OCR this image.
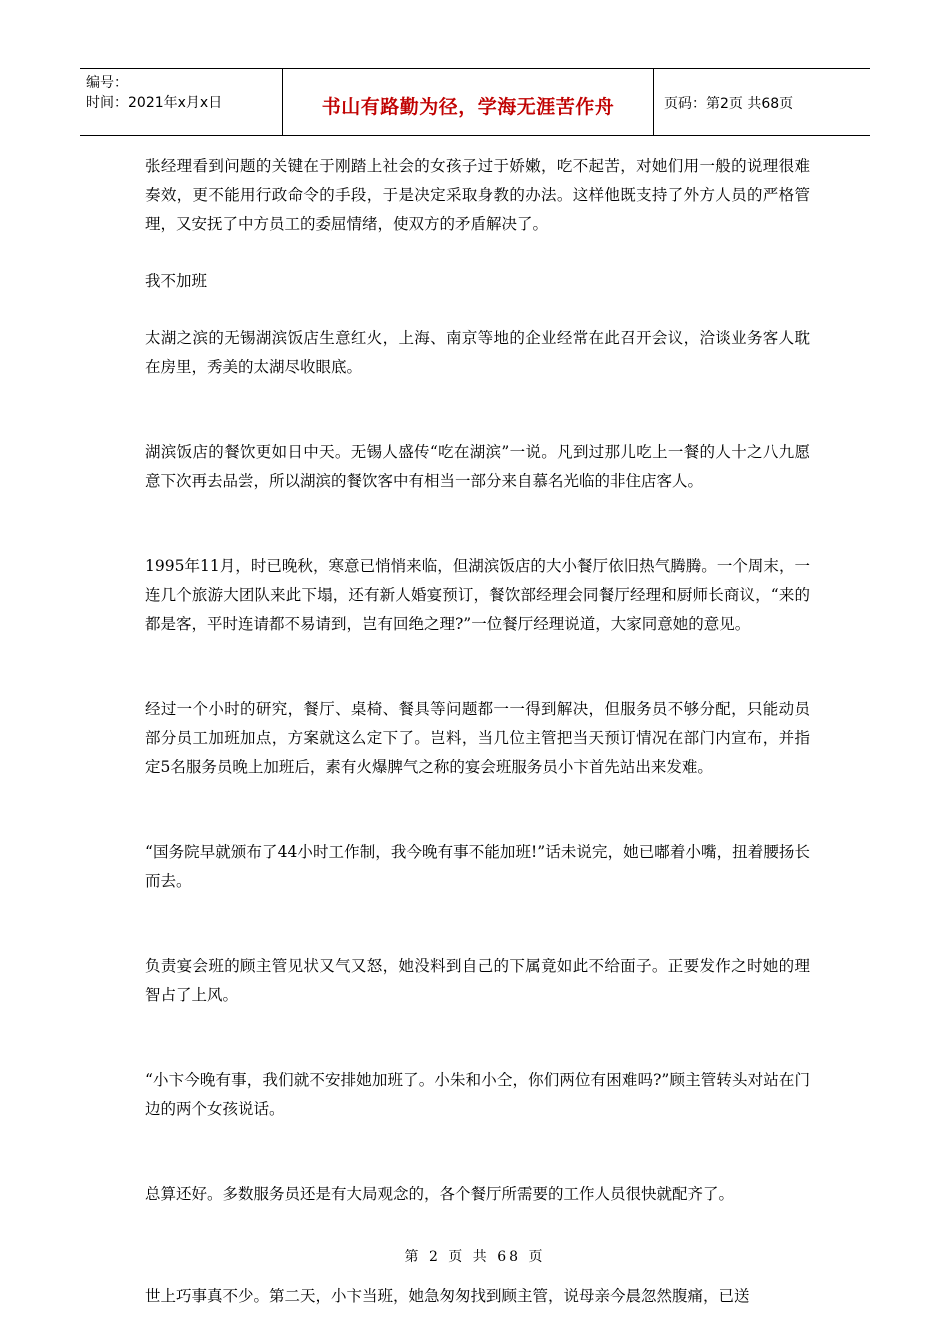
编号：
时间：2021年x月x日	书山有路勤为径，学海无涯苦作舟	页码：第2页 共68页

张经理看到问题的关键在于刚踏上社会的女孩子过于娇嫩，吃不起苦，对她们用一般的说理很难奏效，更不能用行政命令的手段，于是决定采取身教的办法。这样他既支持了外方人员的严格管理，又安抚了中方员工的委屈情绪，使双方的矛盾解决了。

我不加班

太湖之滨的无锡湖滨饭店生意红火，上海、南京等地的企业经常在此召开会议，洽谈业务客人耽在房里，秀美的太湖尽收眼底。

湖滨饭店的餐饮更如日中天。无锡人盛传“吃在湖滨”一说。凡到过那儿吃上一餐的人十之八九愿意下次再去品尝，所以湖滨的餐饮客中有相当一部分来自慕名光临的非住店客人。

1995年11月，时已晚秋，寒意已悄悄来临，但湖滨饭店的大小餐厅依旧热气腾腾。一个周末，一连几个旅游大团队来此下塌，还有新人婚宴预订，餐饮部经理会同餐厅经理和厨师长商议，“来的都是客，平时连请都不易请到，岂有回绝之理?”一位餐厅经理说道，大家同意她的意见。

经过一个小时的研究，餐厅、桌椅、餐具等问题都一一得到解决，但服务员不够分配，只能动员部分员工加班加点，方案就这么定下了。岂料，当几位主管把当天预订情况在部门内宣布，并指定5名服务员晚上加班后，素有火爆脾气之称的宴会班服务员小卞首先站出来发难。

“国务院早就颁布了44小时工作制，我今晚有事不能加班!”话未说完，她已嘟着小嘴，扭着腰扬长而去。

负责宴会班的顾主管见状又气又怒，她没料到自己的下属竟如此不给面子。正要发作之时她的理智占了上风。

“小卞今晚有事，我们就不安排她加班了。小朱和小仝，你们两位有困难吗?”顾主管转头对站在门边的两个女孩说话。

总算还好。多数服务员还是有大局观念的，各个餐厅所需要的工作人员很快就配齐了。

世上巧事真不少。第二天，小卞当班，她急匆匆找到顾主管，说母亲今晨忽然腹痛，已送

第 2 页 共 68 页
